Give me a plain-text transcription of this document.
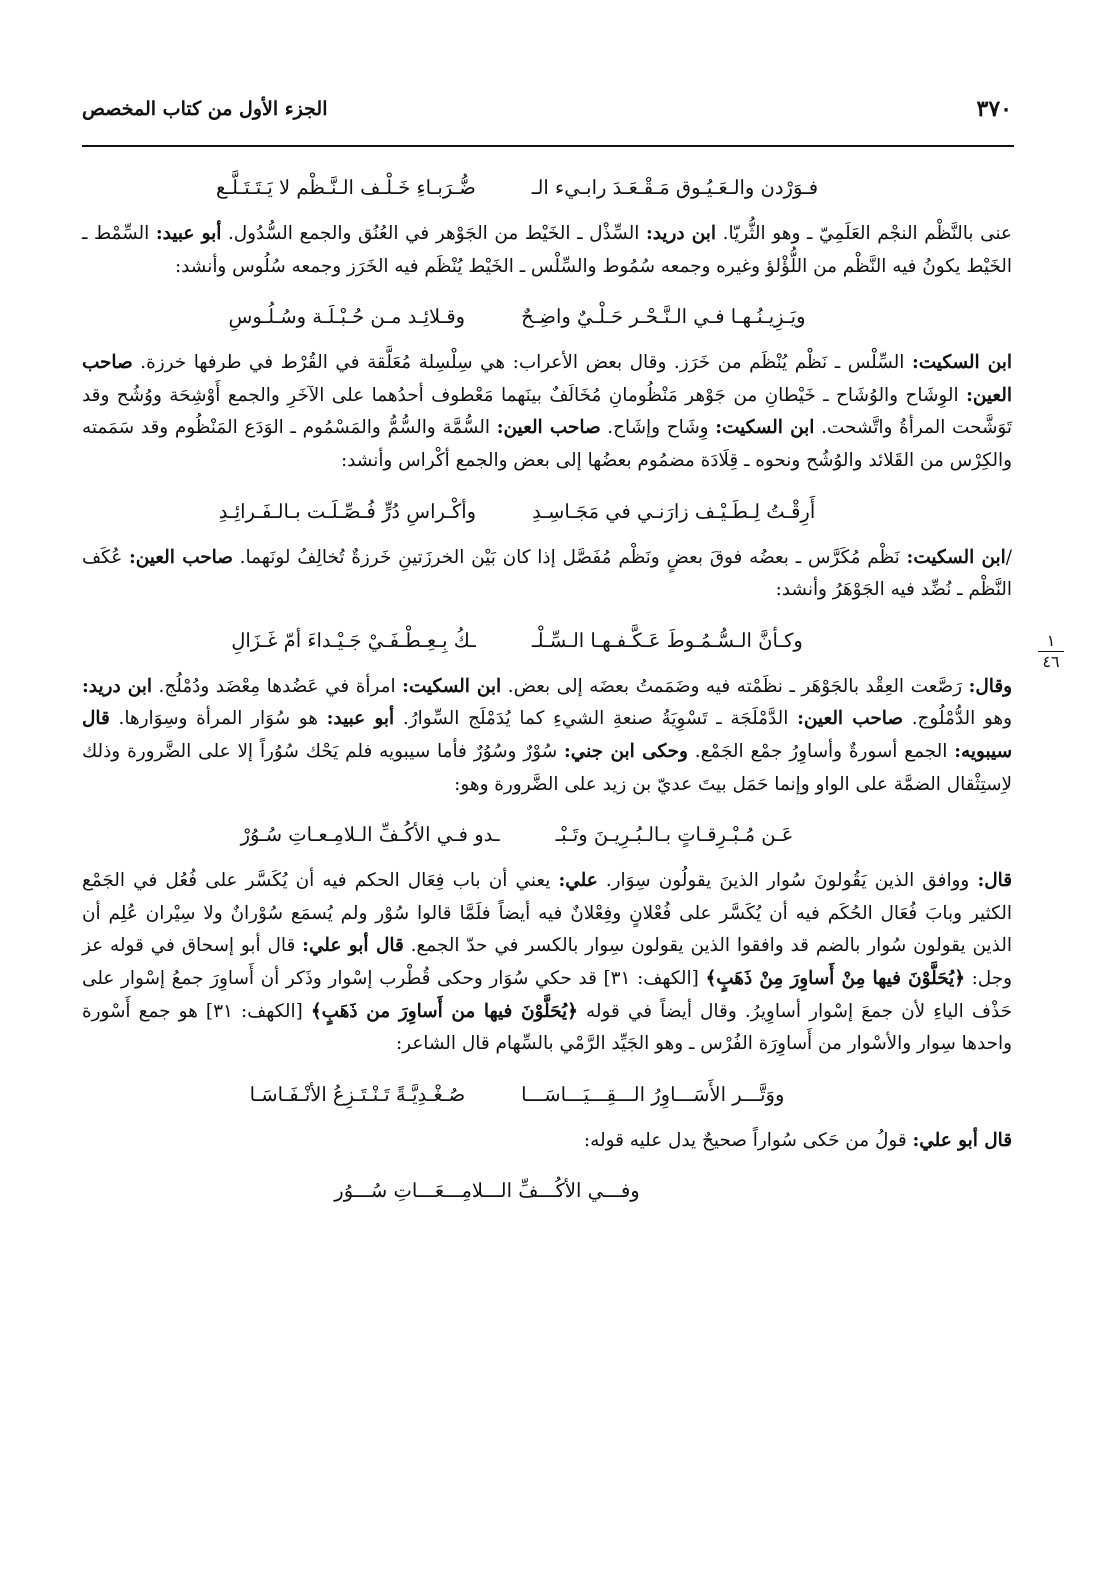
٣٧٠
الجزء الأول من كتاب المخصص
١
٤٦
فـوَرْدن والـعَـيُـوق مَـقْـعَـدَ رابـيء الـ
ضُّـرَبـاءِ خَـلْـف الـنَّـظْم لا يَـتَـتَـلَّـع

عنى بالنَّظْم النجْم العَلَمِيّ ـ وهو الثُّريّا. ابن دريد: السِّذْل ـ الخَيْط من الجَوْهر في العُنُق والجمع السُّدُول. أبو عبيد: السِّمْط ـ الخَيْط يكونُ فيه النَّظْم من اللُّؤْلؤ وغيره وجمعه سُمُوط والسِّلْس ـ الخَيْط يُنْظَم فيه الخَرَز وجمعه سُلُوس وأنشد:

ويَـزِيـنُـهـا فـي الـنَّـحْـر حَـلْـيٌ واضِـحٌ
وقـلائِـد مـن حُـبْـلَـة وسُـلُـوسِ

ابن السكيت: السِّلْس ـ نَظْم يُنْظَم من خَرَز. وقال بعض الأعراب: هي سِلْسِلة مُعَلَّقة في القُرْط في طرفها خرزة. صاحب العين: الوِشَاح والوُشَاح ـ خَيْطانِ من جَوْهر مَنْظُومانِ مُخَالَفٌ بينَهما مَعْطوف أحدُهما على الآخَرِ والجمع أَوْشِحَة ووُشُح وقد تَوَشَّحت المرأةُ واتَّشحت. ابن السكيت: وِشَاح وإشَاح. صاحب العين: السُّمَّة والسُّمُّ والمَسْمُوم ـ الوَدَع المَنْظُوم وقد سَمَمته والكِرْس من القَلائد والوُشُح ونحوه ـ قِلَادَة مضمُوم بعضُها إلى بعض والجمع أكْراس وأنشد:

أَرِقْـتُ لِـطَـيْـف زارَنـي في مَجَـاسِـدِ
وأكْـراسِ دُرٍّ فُـصِّـلَـت بـالـفَـرائِـدِ

/ابن السكيت: نَظْم مُكَرَّس ـ بعضُه فوقَ بعضٍ ونَظْم مُفَصَّل إذا كان بَيْن الخرزَتينِ خَرزةٌ تُخالِفُ لونَهما. صاحب العين: عُكَف النَّظْم ـ نُضِّد فيه الجَوْهَرُ وأنشد:

وكـأنَّ الـسُّـمُـوطَ عَـكَّـفـهـا الـسِّـلْـ
ـكُ بِـعِـطْـفَـيْ جَـيْـداءَ أمّ غَـزَالِ

وقال: رَصَّعت العِقْد بالجَوْهَر ـ نظَمْته فيه وضَمَمتُ بعضَه إلى بعض. ابن السكيت: امرأة في عَضُدها مِعْضَد ودُمْلُج. ابن دريد: وهو الدُّمْلُوج. صاحب العين: الدَّمْلَجَة ـ تَسْوِيَةُ صنعةِ الشيءِ كما يُدَمْلَج السِّوارُ. أبو عبيد: هو سُوَار المرأة وسِوَارها. قال سيبويه: الجمع أسورةٌ وأساوِرُ جمْع الجَمْع. وحكى ابن جني: سُوْرٌ وسُوُرٌ فأما سيبويه فلم يَحْك سُوُراً إلا على الضَّرورة وذلك لاِستِثْقال الضمَّة على الواو وإنما حَمَل بيتَ عديّ بن زيد على الضَّرورة وهو:

عَـن مُـبْـرِقـاتٍ بـالـبُـرِيـنَ وتَـبْـ
ـدو فـي الأكُـفِّ الـلامِـعـاتِ سُـوُرْ

قال: ووافق الذين يَقُولونَ سُوار الذينَ يقولُون سِوَار. علي: يعني أن باب فِعَال الحكم فيه أن يُكَسَّر على فُعُل في الجَمْع الكثير وبابَ فُعَال الحُكَم فيه أن يُكَسَّر على فُعْلانٍ وفِعْلانٌ فيه أيضاً فلَمَّا قالوا سُوْر ولم يُسمَع سُوْرانٌ ولا سِيْران عُلِم أن الذين يقولون سُوار بالضم قد وافقوا الذين يقولون سِوار بالكسر في حدّ الجمع. قال أبو علي: قال أبو إسحاق في قوله عز وجل: ﴿يُحَلَّوْنَ فيها مِنْ أَساوِرَ مِنْ ذَهَبٍ﴾ [الكهف: ٣١] قد حكي سُوَار وحكى قُطْرب إسْوار وذَكر أن أَساوِرَ جمعُ إسْوار على حَذْف الياءِ لأن جمعَ إسْوار أساوِيرُ. وقال أيضاً في قوله ﴿يُحَلَّوْنَ فيها من أَساوِرَ من ذَهَبٍ﴾ [الكهف: ٣١] هو جمع أَسْورة واحدها سِوار والأسْوار من أَساوِرَة الفُرْس ـ وهو الجَيِّد الرَّمْي بالسِّهام قال الشاعر:

ووَتَّـــر الأَسَـــاوِرُ الـــقِـــيَـــاسَـــا
صُـغْـدِيَّـةً تَـنْـتَـزِعُ الأنْـفَـاسَـا

قال أبو علي: قولُ من حَكى سُواراً صحيحٌ يدل عليه قوله:

وفـــي الأكُـــفِّ الـــلامِـــعَـــاتِ سُـــوُر
